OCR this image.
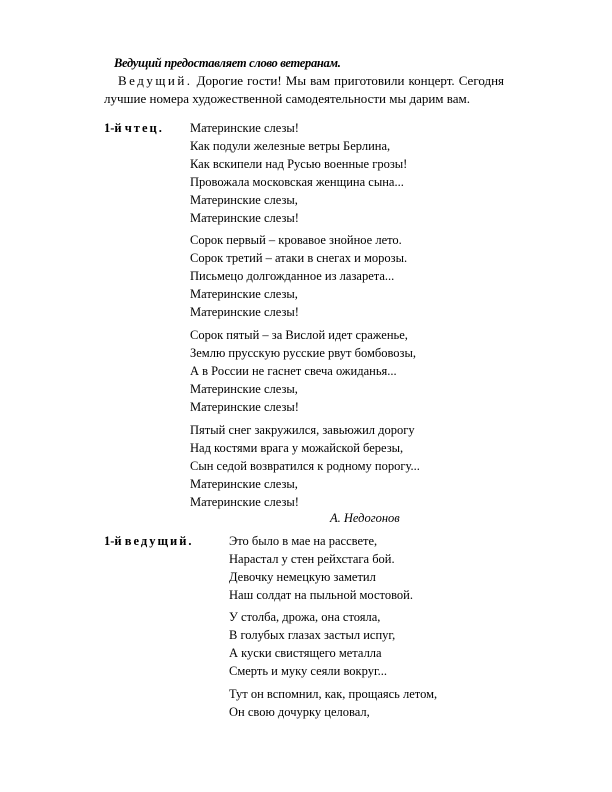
Ведущий предоставляет слово ветеранам.
Ведущий. Дорогие гости! Мы вам приготовили концерт. Сегодня лучшие номера художественной самодеятельности мы дарим вам.
1-й чтец. Материнские слезы!
Как подули железные ветры Берлина,
Как вскипели над Русью военные грозы!
Провожала московская женщина сына...
Материнские слезы,
Материнские слезы!
Сорок первый – кровавое знойное лето.
Сорок третий – атаки в снегах и морозы.
Письмецо долгожданное из лазарета...
Материнские слезы,
Материнские слезы!
Сорок пятый – за Вислой идет сраженье,
Землю прусскую русские рвут бомбовозы,
А в России не гаснет свеча ожиданья...
Материнские слезы,
Материнские слезы!
Пятый снег закружился, завьюжил дорогу
Над костями врага у можайской березы,
Сын седой возвратился к родному порогу...
Материнские слезы,
Материнские слезы!
А. Недогонов
1-й ведущий.	Это было в мае на рассвете,
Нарастал у стен рейхстага бой.
Девочку немецкую заметил
Наш солдат на пыльной мостовой.
У столба, дрожа, она стояла,
В голубых глазах застыл испуг,
А куски свистящего металла
Смерть и муку сеяли вокруг...
Тут он вспомнил, как, прощаясь летом,
Он свою дочурку целовал,
